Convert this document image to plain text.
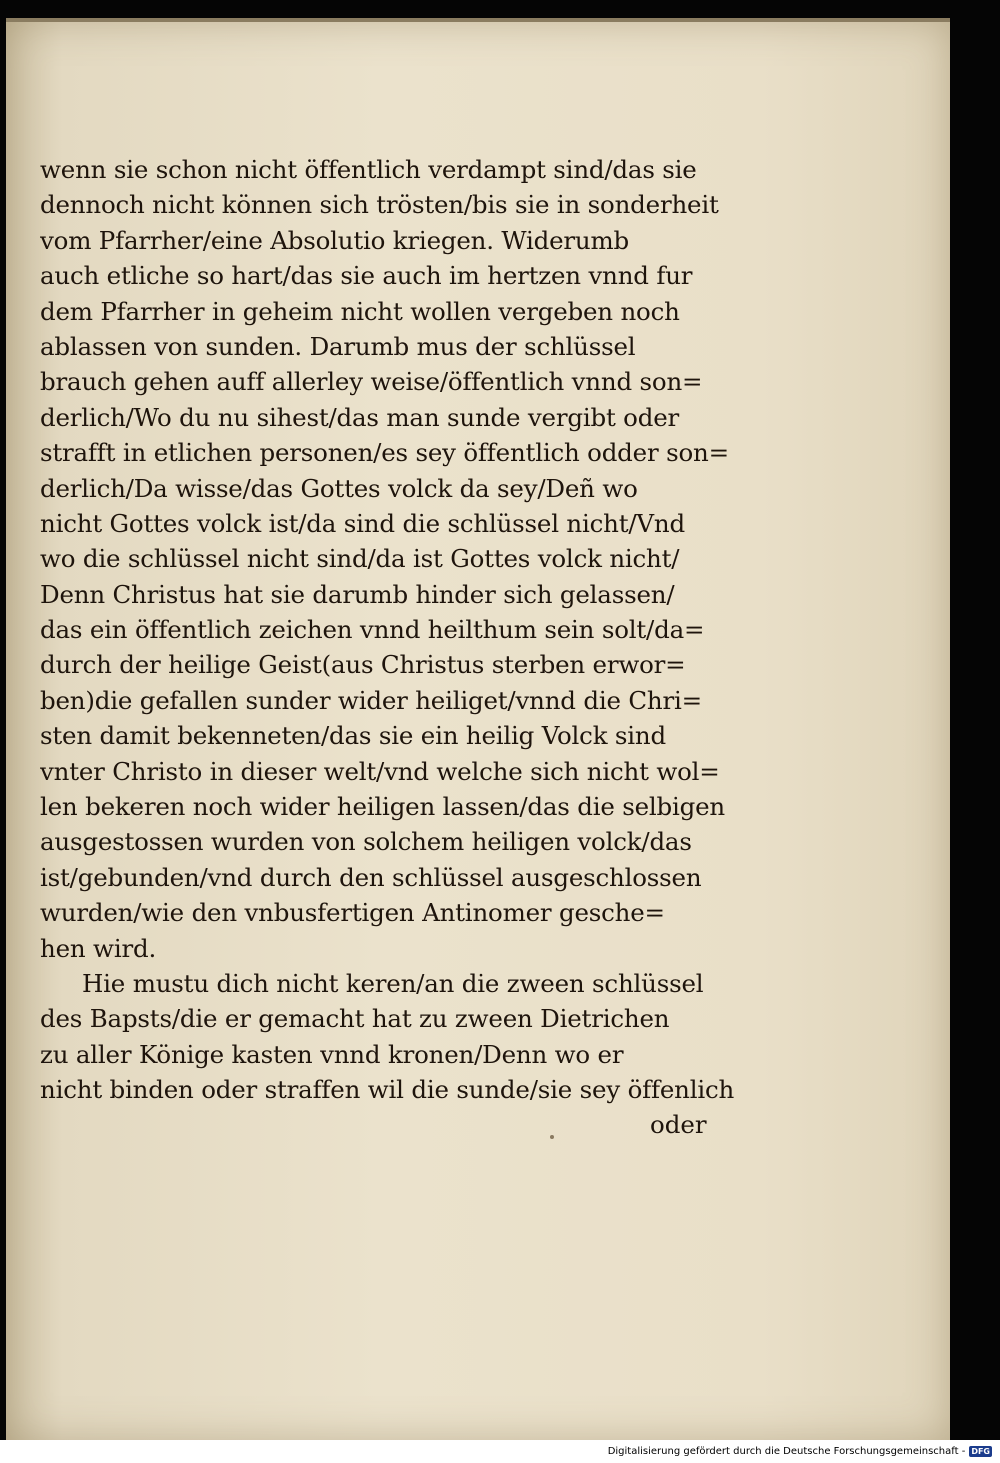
wenn sie schon nicht öffentlich verdampt sind/das sie
dennoch nicht können sich trösten/bis sie in sonderheit
vom Pfarrher/eine Absolutio kriegen. Widerumb
auch etliche so hart/das sie auch im hertzen vnnd fur
dem Pfarrher in geheim nicht wollen vergeben noch
ablassen von sunden. Darumb mus der schlüssel
brauch gehen auff allerley weise/öffentlich vnnd son=
derlich/Wo du nu sihest/das man sunde vergibt oder
strafft in etlichen personen/es sey öffentlich odder son=
derlich/Da wisse/das Gottes volck da sey/Deñ wo
nicht Gottes volck ist/da sind die schlüssel nicht/Vnd
wo die schlüssel nicht sind/da ist Gottes volck nicht/
Denn Christus hat sie darumb hinder sich gelassen/
das ein öffentlich zeichen vnnd heilthum sein solt/da=
durch der heilige Geist(aus Christus sterben erwor=
ben)die gefallen sunder wider heiliget/vnnd die Chri=
sten damit bekenneten/das sie ein heilig Volck sind
vnter Christo in dieser welt/vnd welche sich nicht wol=
len bekeren noch wider heiligen lassen/das die selbigen
ausgestossen wurden von solchem heiligen volck/das
ist/gebunden/vnd durch den schlüssel ausgeschlossen
wurden/wie den vnbusfertigen Antinomer gesche=
hen wird.
Hie mustu dich nicht keren/an die zween schlüssel
des Bapsts/die er gemacht hat zu zween Dietrichen
zu aller Könige kasten vnnd kronen/Denn wo er
nicht binden oder straffen wil die sunde/sie sey öffenlich
oder
Digitalisierung gefördert durch die Deutsche Forschungsgemeinschaft - DFG
